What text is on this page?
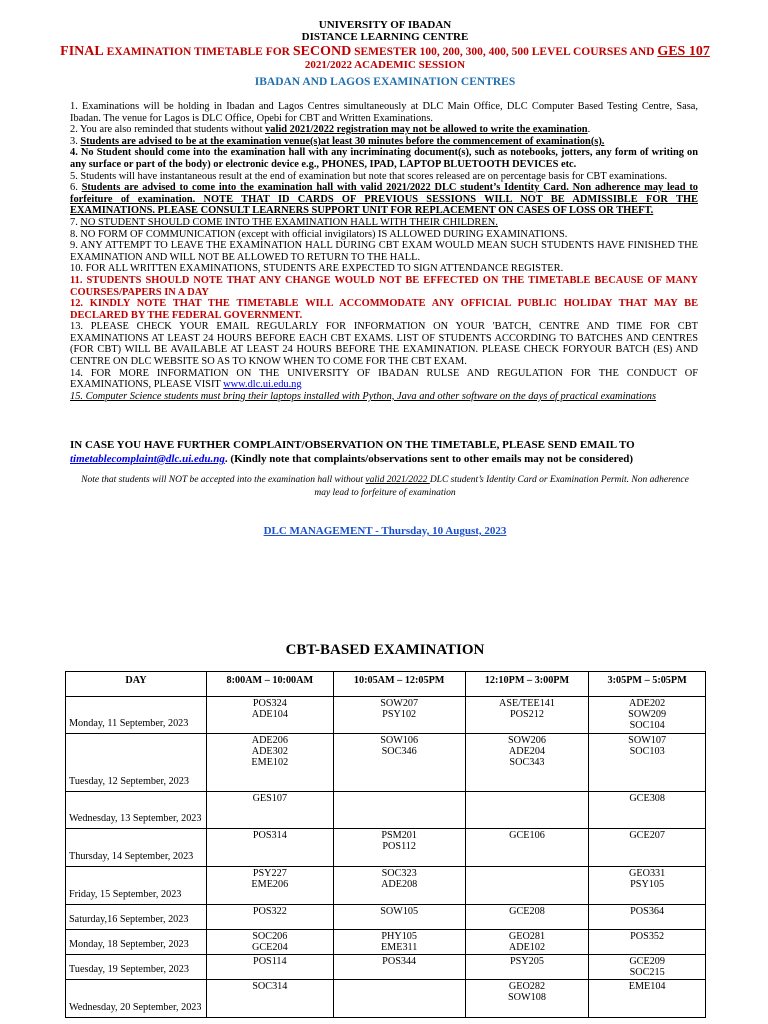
UNIVERSITY OF IBADAN
DISTANCE LEARNING CENTRE
FINAL EXAMINATION TIMETABLE FOR SECOND SEMESTER 100, 200, 300, 400, 500 LEVEL COURSES AND GES 107
2021/2022 ACADEMIC SESSION
IBADAN AND LAGOS EXAMINATION CENTRES

1. Examinations will be holding in Ibadan and Lagos Centres simultaneously at DLC Main Office, DLC Computer Based Testing Centre, Sasa, Ibadan. The venue for Lagos is DLC Office, Opebi for CBT and Written Examinations.

2. You are also reminded that students without valid 2021/2022 registration may not be allowed to write the examination.

3. Students are advised to be at the examination venue(s)at least 30 minutes before the commencement of examination(s).

4. No Student should come into the examination hall with any incriminating document(s), such as notebooks, jotters, any form of writing on any surface or part of the body) or electronic device e.g., PHONES, IPAD, LAPTOP BLUETOOTH DEVICES etc.

5. Students will have instantaneous result at the end of examination but note that scores released are on percentage basis for CBT examinations.

6. Students are advised to come into the examination hall with valid 2021/2022 DLC student’s Identity Card. Non adherence may lead to forfeiture of examination. NOTE THAT ID CARDS OF PREVIOUS SESSIONS WILL NOT BE ADMISSIBLE FOR THE EXAMINATIONS. PLEASE CONSULT LEARNERS SUPPORT UNIT FOR REPLACEMENT ON CASES OF LOSS OR THEFT.

7. NO STUDENT SHOULD COME INTO THE EXAMINATION HALL WITH THEIR CHILDREN.

8. NO FORM OF COMMUNICATION (except with official invigilators) IS ALLOWED DURING EXAMINATIONS.

9. ANY ATTEMPT TO LEAVE THE EXAMINATION HALL DURING CBT EXAM WOULD MEAN SUCH STUDENTS HAVE FINISHED THE EXAMINATION AND WILL NOT BE ALLOWED TO RETURN TO THE HALL.

10. FOR ALL WRITTEN EXAMINATIONS, STUDENTS ARE EXPECTED TO SIGN ATTENDANCE REGISTER.

11. STUDENTS SHOULD NOTE THAT ANY CHANGE WOULD NOT BE EFFECTED ON THE TIMETABLE BECAUSE OF MANY COURSES/PAPERS IN A DAY

12. KINDLY NOTE THAT THE TIMETABLE WILL ACCOMMODATE ANY OFFICIAL PUBLIC HOLIDAY THAT MAY BE DECLARED BY THE FEDERAL GOVERNMENT.

13. PLEASE CHECK YOUR EMAIL REGULARLY FOR INFORMATION ON YOUR 'BATCH, CENTRE AND TIME FOR CBT EXAMINATIONS AT LEAST 24 HOURS BEFORE EACH CBT EXAMS. LIST OF STUDENTS ACCORDING TO BATCHES AND CENTRES (FOR CBT) WILL BE AVAILABLE AT LEAST 24 HOURS BEFORE THE EXAMINATION. PLEASE CHECK FORYOUR BATCH (ES) AND CENTRE ON DLC WEBSITE SO AS TO KNOW WHEN TO COME FOR THE CBT EXAM.

14. FOR MORE INFORMATION ON THE UNIVERSITY OF IBADAN RULSE AND REGULATION FOR THE CONDUCT OF EXAMINATIONS, PLEASE VISIT www.dlc.ui.edu.ng

15. Computer Science students must bring their laptops installed with Python, Java and other software on the days of practical examinations

IN CASE YOU HAVE FURTHER COMPLAINT/OBSERVATION ON THE TIMETABLE, PLEASE SEND EMAIL TO
timetablecomplaint@dlc.ui.edu.ng. (Kindly note that complaints/observations sent to other emails may not be considered)
Note that students will NOT be accepted into the examination hall without valid 2021/2022 DLC student’s Identity Card or Examination Permit. Non adherence may lead to forfeiture of examination
DLC MANAGEMENT - Thursday, 10 August, 2023
CBT-BASED EXAMINATION
DAY	8:00AM – 10:00AM	10:05AM – 12:05PM	12:10PM – 3:00PM	3:05PM – 5:05PM
Monday, 11 September, 2023	POS324
ADE104	SOW207
PSY102	ASE/TEE141
POS212	ADE202
SOW209
SOC104

Tuesday, 12 September, 2023	ADE206
ADE302
EME102	SOW106
SOC346	SOW206
ADE204
SOC343	SOW107
SOC103

Wednesday, 13 September, 2023	GES107			GCE308

Thursday, 14 September, 2023	POS314	PSM201
POS112	GCE106	GCE207

Friday, 15 September, 2023	PSY227
EME206	SOC323
ADE208		GEO331
PSY105

Saturday,16 September, 2023	POS322	SOW105	GCE208	POS364

Monday, 18 September, 2023	SOC206
GCE204	PHY105
EME311	GEO281
ADE102	POS352

Tuesday, 19 September, 2023	POS114	POS344	PSY205	GCE209
SOC215

Wednesday, 20 September, 2023	SOC314		GEO282
SOW108	EME104
